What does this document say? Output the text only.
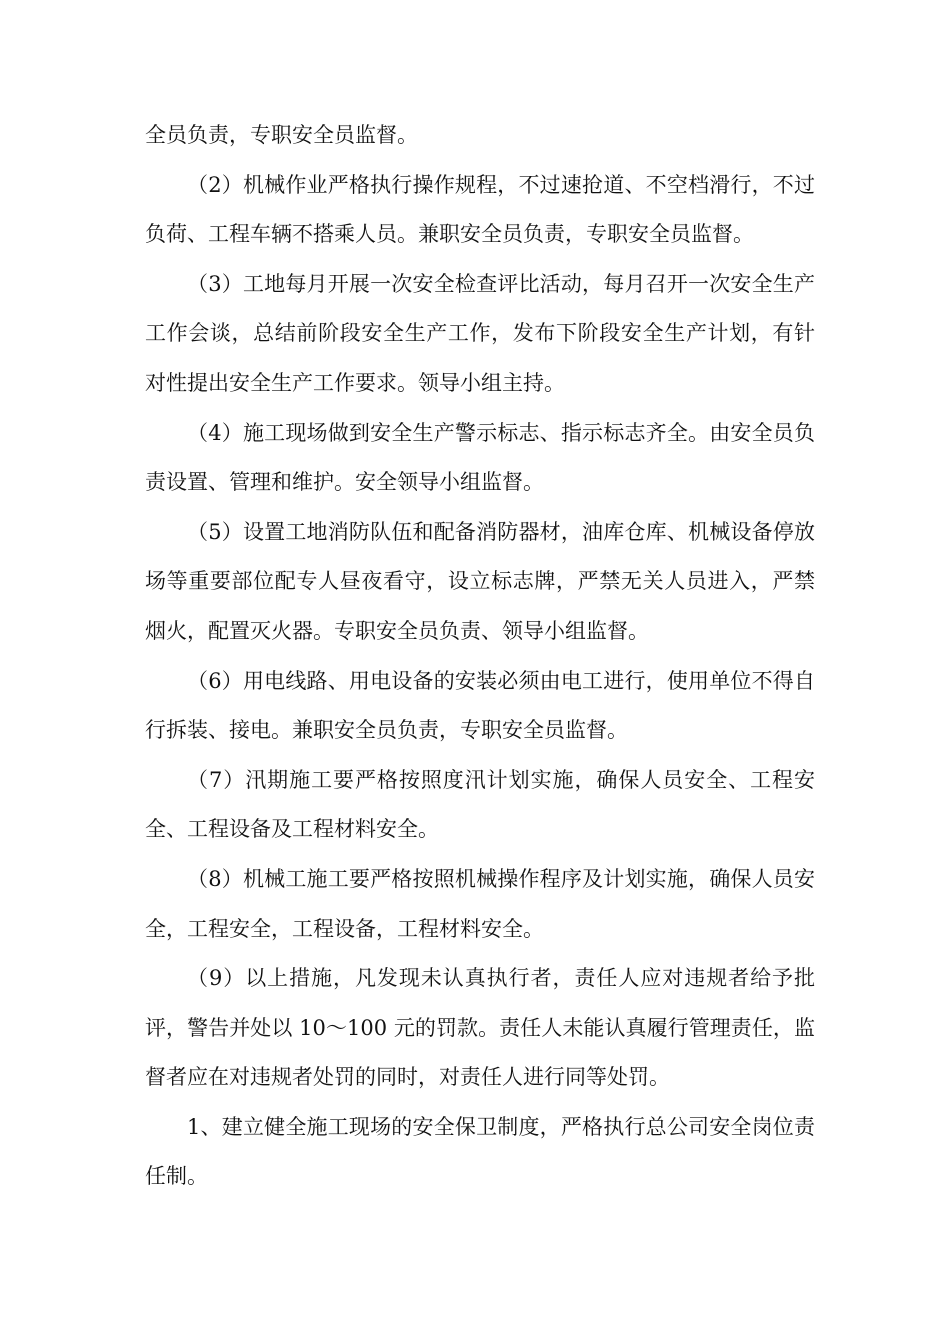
全员负责，专职安全员监督。

（2）机械作业严格执行操作规程，不过速抢道、不空档滑行，不过负荷、工程车辆不搭乘人员。兼职安全员负责，专职安全员监督。

（3）工地每月开展一次安全检查评比活动，每月召开一次安全生产工作会谈，总结前阶段安全生产工作，发布下阶段安全生产计划，有针对性提出安全生产工作要求。领导小组主持。

（4）施工现场做到安全生产警示标志、指示标志齐全。由安全员负责设置、管理和维护。安全领导小组监督。

（5）设置工地消防队伍和配备消防器材，油库仓库、机械设备停放场等重要部位配专人昼夜看守，设立标志牌，严禁无关人员进入，严禁烟火，配置灭火器。专职安全员负责、领导小组监督。

（6）用电线路、用电设备的安装必须由电工进行，使用单位不得自行拆装、接电。兼职安全员负责，专职安全员监督。

（7）汛期施工要严格按照度汛计划实施，确保人员安全、工程安全、工程设备及工程材料安全。

（8）机械工施工要严格按照机械操作程序及计划实施，确保人员安全，工程安全，工程设备，工程材料安全。

（9）以上措施，凡发现未认真执行者，责任人应对违规者给予批评，警告并处以 10～100 元的罚款。责任人未能认真履行管理责任，监督者应在对违规者处罚的同时，对责任人进行同等处罚。

1、建立健全施工现场的安全保卫制度，严格执行总公司安全岗位责任制。
